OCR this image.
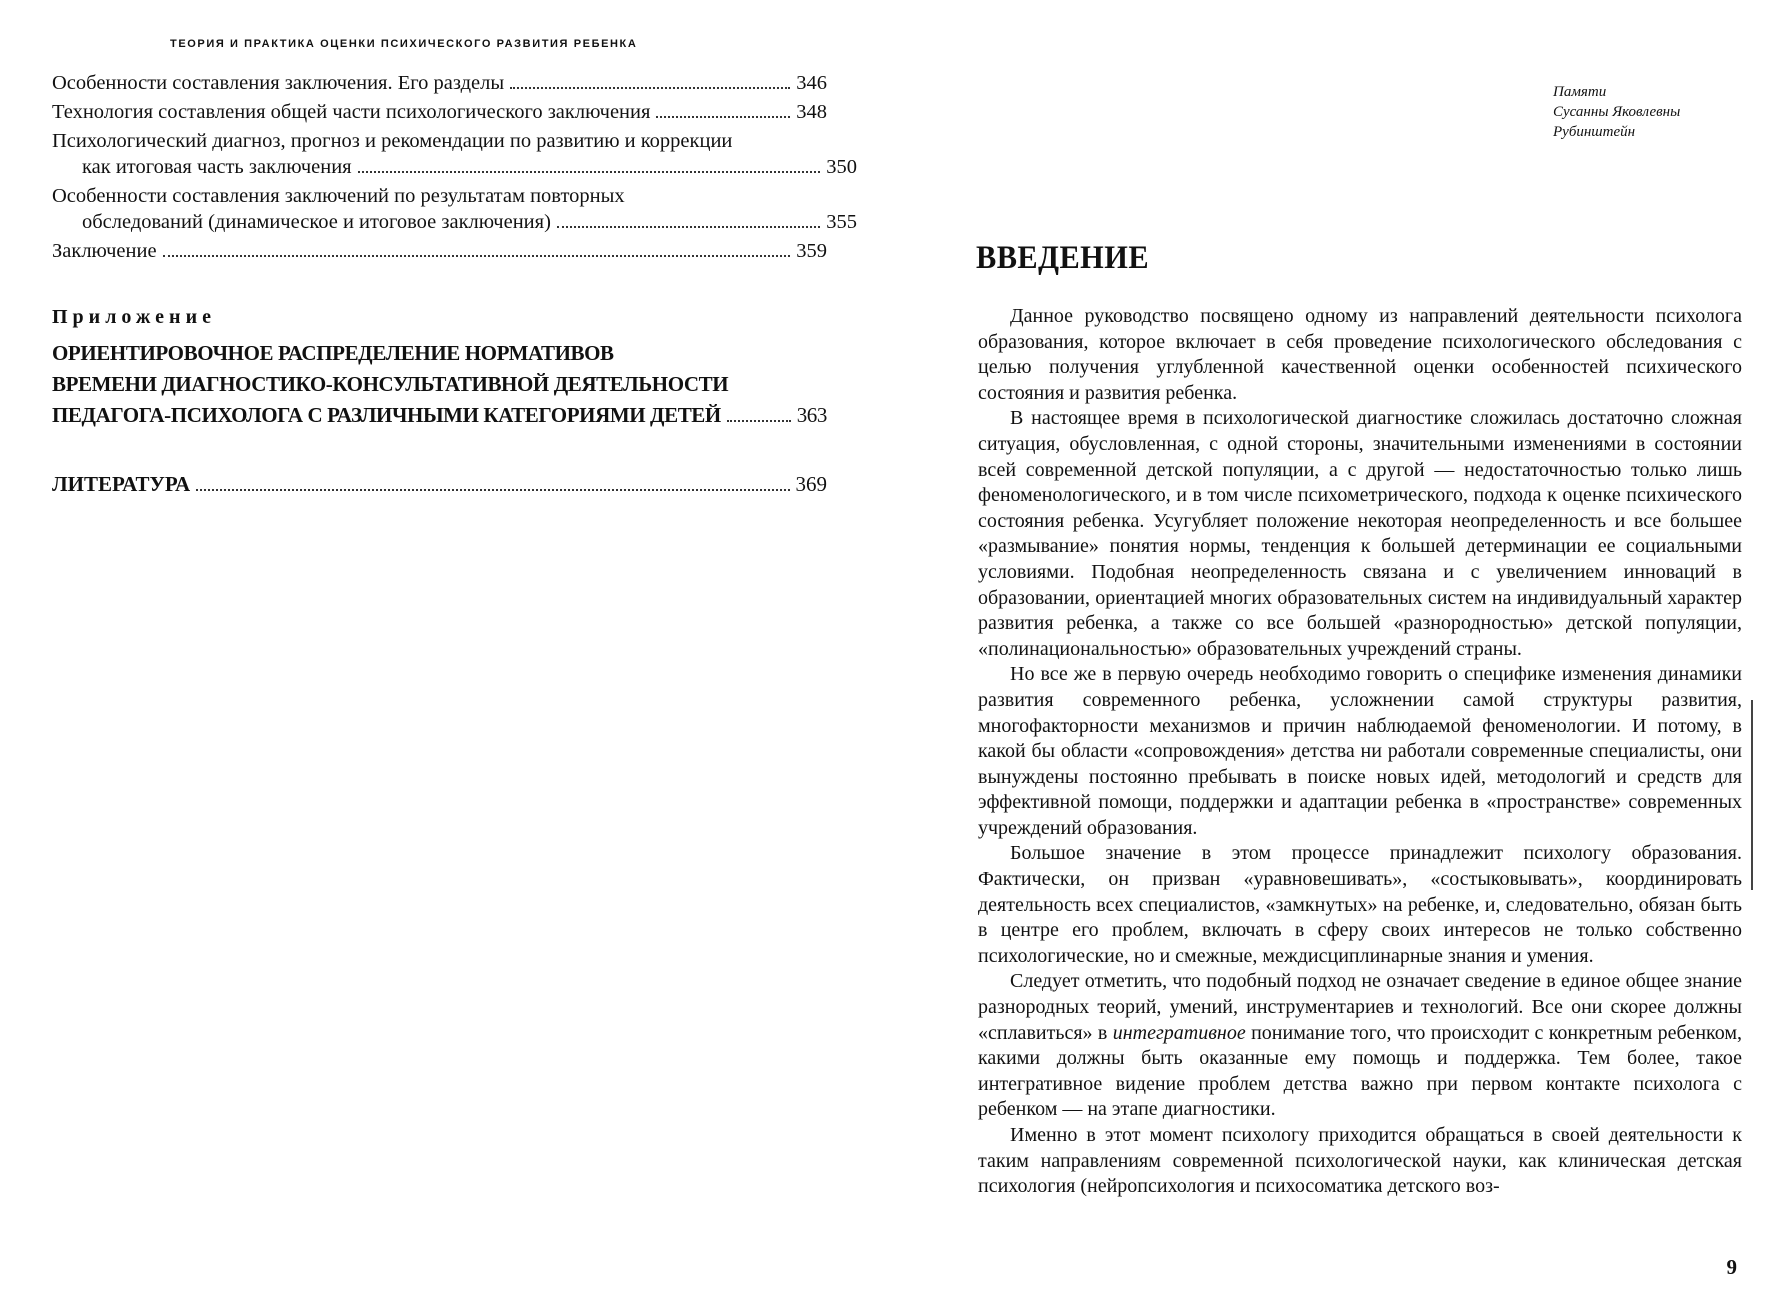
ТЕОРИЯ И ПРАКТИКА ОЦЕНКИ ПСИХИЧЕСКОГО РАЗВИТИЯ РЕБЕНКА
Особенности составления заключения. Его разделы	346
Технология составления общей части психологического заключения	348
Психологический диагноз, прогноз и рекомендации по развитию и коррекции
как итоговая часть заключения	350
Особенности составления заключений по результатам повторных
обследований (динамическое и итоговое заключения)	355
Заключение	359
Приложение
ОРИЕНТИРОВОЧНОЕ РАСПРЕДЕЛЕНИЕ НОРМАТИВОВ
ВРЕМЕНИ ДИАГНОСТИКО-КОНСУЛЬТАТИВНОЙ ДЕЯТЕЛЬНОСТИ
ПЕДАГОГА-ПСИХОЛОГА С РАЗЛИЧНЫМИ КАТЕГОРИЯМИ ДЕТЕЙ	363
ЛИТЕРАТУРА	369
Памяти
Сусанны Яковлевны
Рубинштейн
ВВЕДЕНИЕ

Данное руководство посвящено одному из направлений деятельности психолога образования, которое включает в себя проведение психологического обследования с целью получения углубленной качественной оценки особенностей психического состояния и развития ребенка.

В настоящее время в психологической диагностике сложилась достаточно сложная ситуация, обусловленная, с одной стороны, значительными изменениями в состоянии всей современной детской популяции, а с другой — недостаточностью только лишь феноменологического, и в том числе психометрического, подхода к оценке психического состояния ребенка. Усугубляет положение некоторая неопределенность и все большее «размывание» понятия нормы, тенденция к большей детерминации ее социальными условиями. Подобная неопределенность связана и с увеличением инноваций в образовании, ориентацией многих образовательных систем на индивидуальный характер развития ребенка, а также со все большей «разнородностью» детской популяции, «полинациональностью» образовательных учреждений страны.

Но все же в первую очередь необходимо говорить о специфике изменения динамики развития современного ребенка, усложнении самой структуры развития, многофакторности механизмов и причин наблюдаемой феноменологии. И потому, в какой бы области «сопровождения» детства ни работали современные специалисты, они вынуждены постоянно пребывать в поиске новых идей, методологий и средств для эффективной помощи, поддержки и адаптации ребенка в «пространстве» современных учреждений образования.

Большое значение в этом процессе принадлежит психологу образования. Фактически, он призван «уравновешивать», «состыковывать», координировать деятельность всех специалистов, «замкнутых» на ребенке, и, следовательно, обязан быть в центре его проблем, включать в сферу своих интересов не только собственно психологические, но и смежные, междисциплинарные знания и умения.

Следует отметить, что подобный подход не означает сведение в единое общее знание разнородных теорий, умений, инструментариев и технологий. Все они скорее должны «сплавиться» в интегративное понимание того, что происходит с конкретным ребенком, какими должны быть оказанные ему помощь и поддержка. Тем более, такое интегративное видение проблем детства важно при первом контакте психолога с ребенком — на этапе диагностики.

Именно в этот момент психологу приходится обращаться в своей деятельности к таким направлениям современной психологической науки, как клиническая детская психология (нейропсихология и психосоматика детского воз-

9
